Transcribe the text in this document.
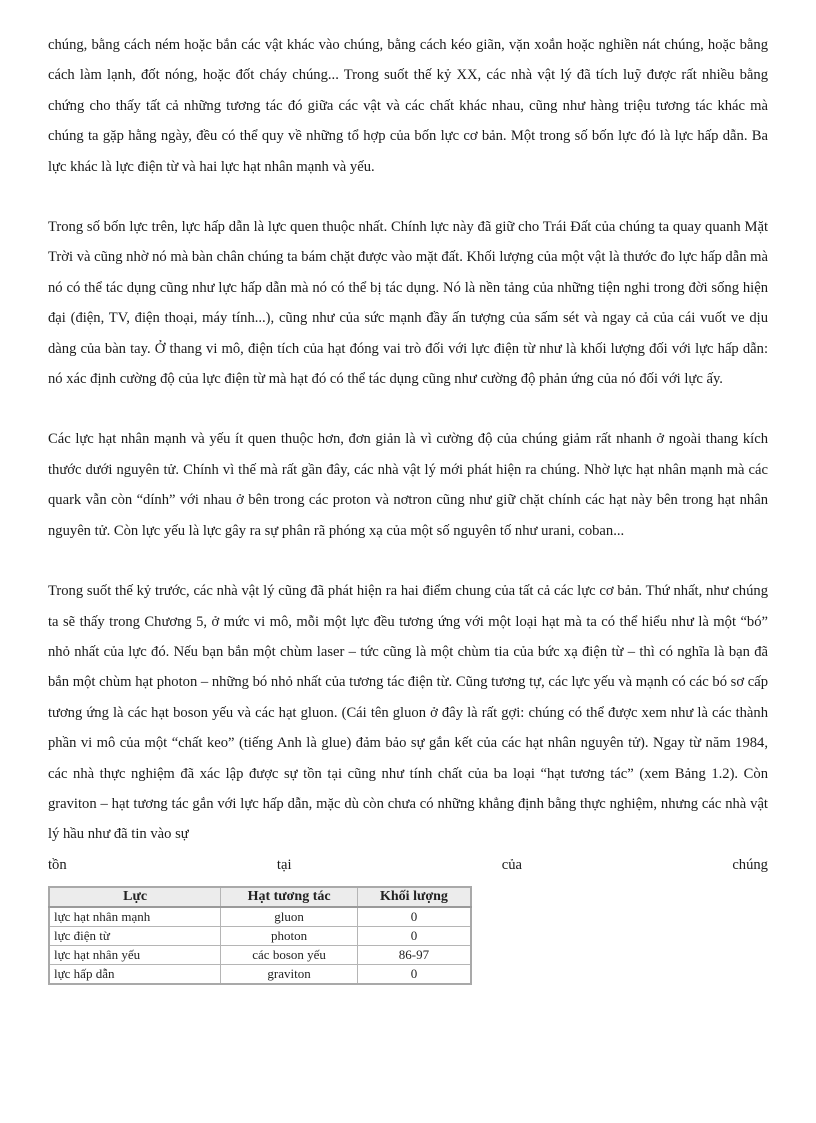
chúng, bằng cách ném hoặc bắn các vật khác vào chúng, bằng cách kéo giãn, vặn xoắn hoặc nghiền nát chúng, hoặc bằng cách làm lạnh, đốt nóng, hoặc đốt cháy chúng... Trong suốt thế kỷ XX, các nhà vật lý đã tích luỹ được rất nhiều bằng chứng cho thấy tất cả những tương tác đó giữa các vật và các chất khác nhau, cũng như hàng triệu tương tác khác mà chúng ta gặp hằng ngày, đều có thể quy về những tổ hợp của bốn lực cơ bản. Một trong số bốn lực đó là lực hấp dẫn. Ba lực khác là lực điện từ và hai lực hạt nhân mạnh và yếu.

Trong số bốn lực trên, lực hấp dẫn là lực quen thuộc nhất. Chính lực này đã giữ cho Trái Đất của chúng ta quay quanh Mặt Trời và cũng nhờ nó mà bàn chân chúng ta bám chặt được vào mặt đất. Khối lượng của một vật là thước đo lực hấp dẫn mà nó có thể tác dụng cũng như lực hấp dẫn mà nó có thể bị tác dụng. Nó là nền tảng của những tiện nghi trong đời sống hiện đại (điện, TV, điện thoại, máy tính...), cũng như của sức mạnh đầy ấn tượng của sấm sét và ngay cả của cái vuốt ve dịu dàng của bàn tay. Ở thang vi mô, điện tích của hạt đóng vai trò đối với lực điện từ như là khối lượng đối với lực hấp dẫn: nó xác định cường độ của lực điện từ mà hạt đó có thể tác dụng cũng như cường độ phản ứng của nó đối với lực ấy.

Các lực hạt nhân mạnh và yếu ít quen thuộc hơn, đơn giản là vì cường độ của chúng giảm rất nhanh ở ngoài thang kích thước dưới nguyên tử. Chính vì thế mà rất gần đây, các nhà vật lý mới phát hiện ra chúng. Nhờ lực hạt nhân mạnh mà các quark vẫn còn “dính” với nhau ở bên trong các proton và nơtron cũng như giữ chặt chính các hạt này bên trong hạt nhân nguyên tử. Còn lực yếu là lực gây ra sự phân rã phóng xạ của một số nguyên tố như urani, coban...

Trong suốt thế kỷ trước, các nhà vật lý cũng đã phát hiện ra hai điểm chung của tất cả các lực cơ bản. Thứ nhất, như chúng ta sẽ thấy trong Chương 5, ở mức vi mô, mỗi một lực đều tương ứng với một loại hạt mà ta có thể hiểu như là một “bó” nhỏ nhất của lực đó. Nếu bạn bắn một chùm laser – tức cũng là một chùm tia của bức xạ điện từ – thì có nghĩa là bạn đã bắn một chùm hạt photon – những bó nhỏ nhất của tương tác điện từ. Cũng tương tự, các lực yếu và mạnh có các bó sơ cấp tương ứng là các hạt boson yếu và các hạt gluon. (Cái tên gluon ở đây là rất gợi: chúng có thể được xem như là các thành phần vi mô của một “chất keo” (tiếng Anh là glue) đảm bảo sự gắn kết của các hạt nhân nguyên tử). Ngay từ năm 1984, các nhà thực nghiệm đã xác lập được sự tồn tại cũng như tính chất của ba loại “hạt tương tác” (xem Bảng 1.2). Còn graviton – hạt tương tác gắn với lực hấp dẫn, mặc dù còn chưa có những khẳng định bằng thực nghiệm, nhưng các nhà vật lý hầu như đã tin vào sự

tồn	tại	của	chúng
Lực	Hạt tương tác	Khối lượng
lực hạt nhân mạnh	gluon	0
lực điện từ	photon	0
lực hạt nhân yếu	các boson yếu	86-97
lực hấp dẫn	graviton	0
